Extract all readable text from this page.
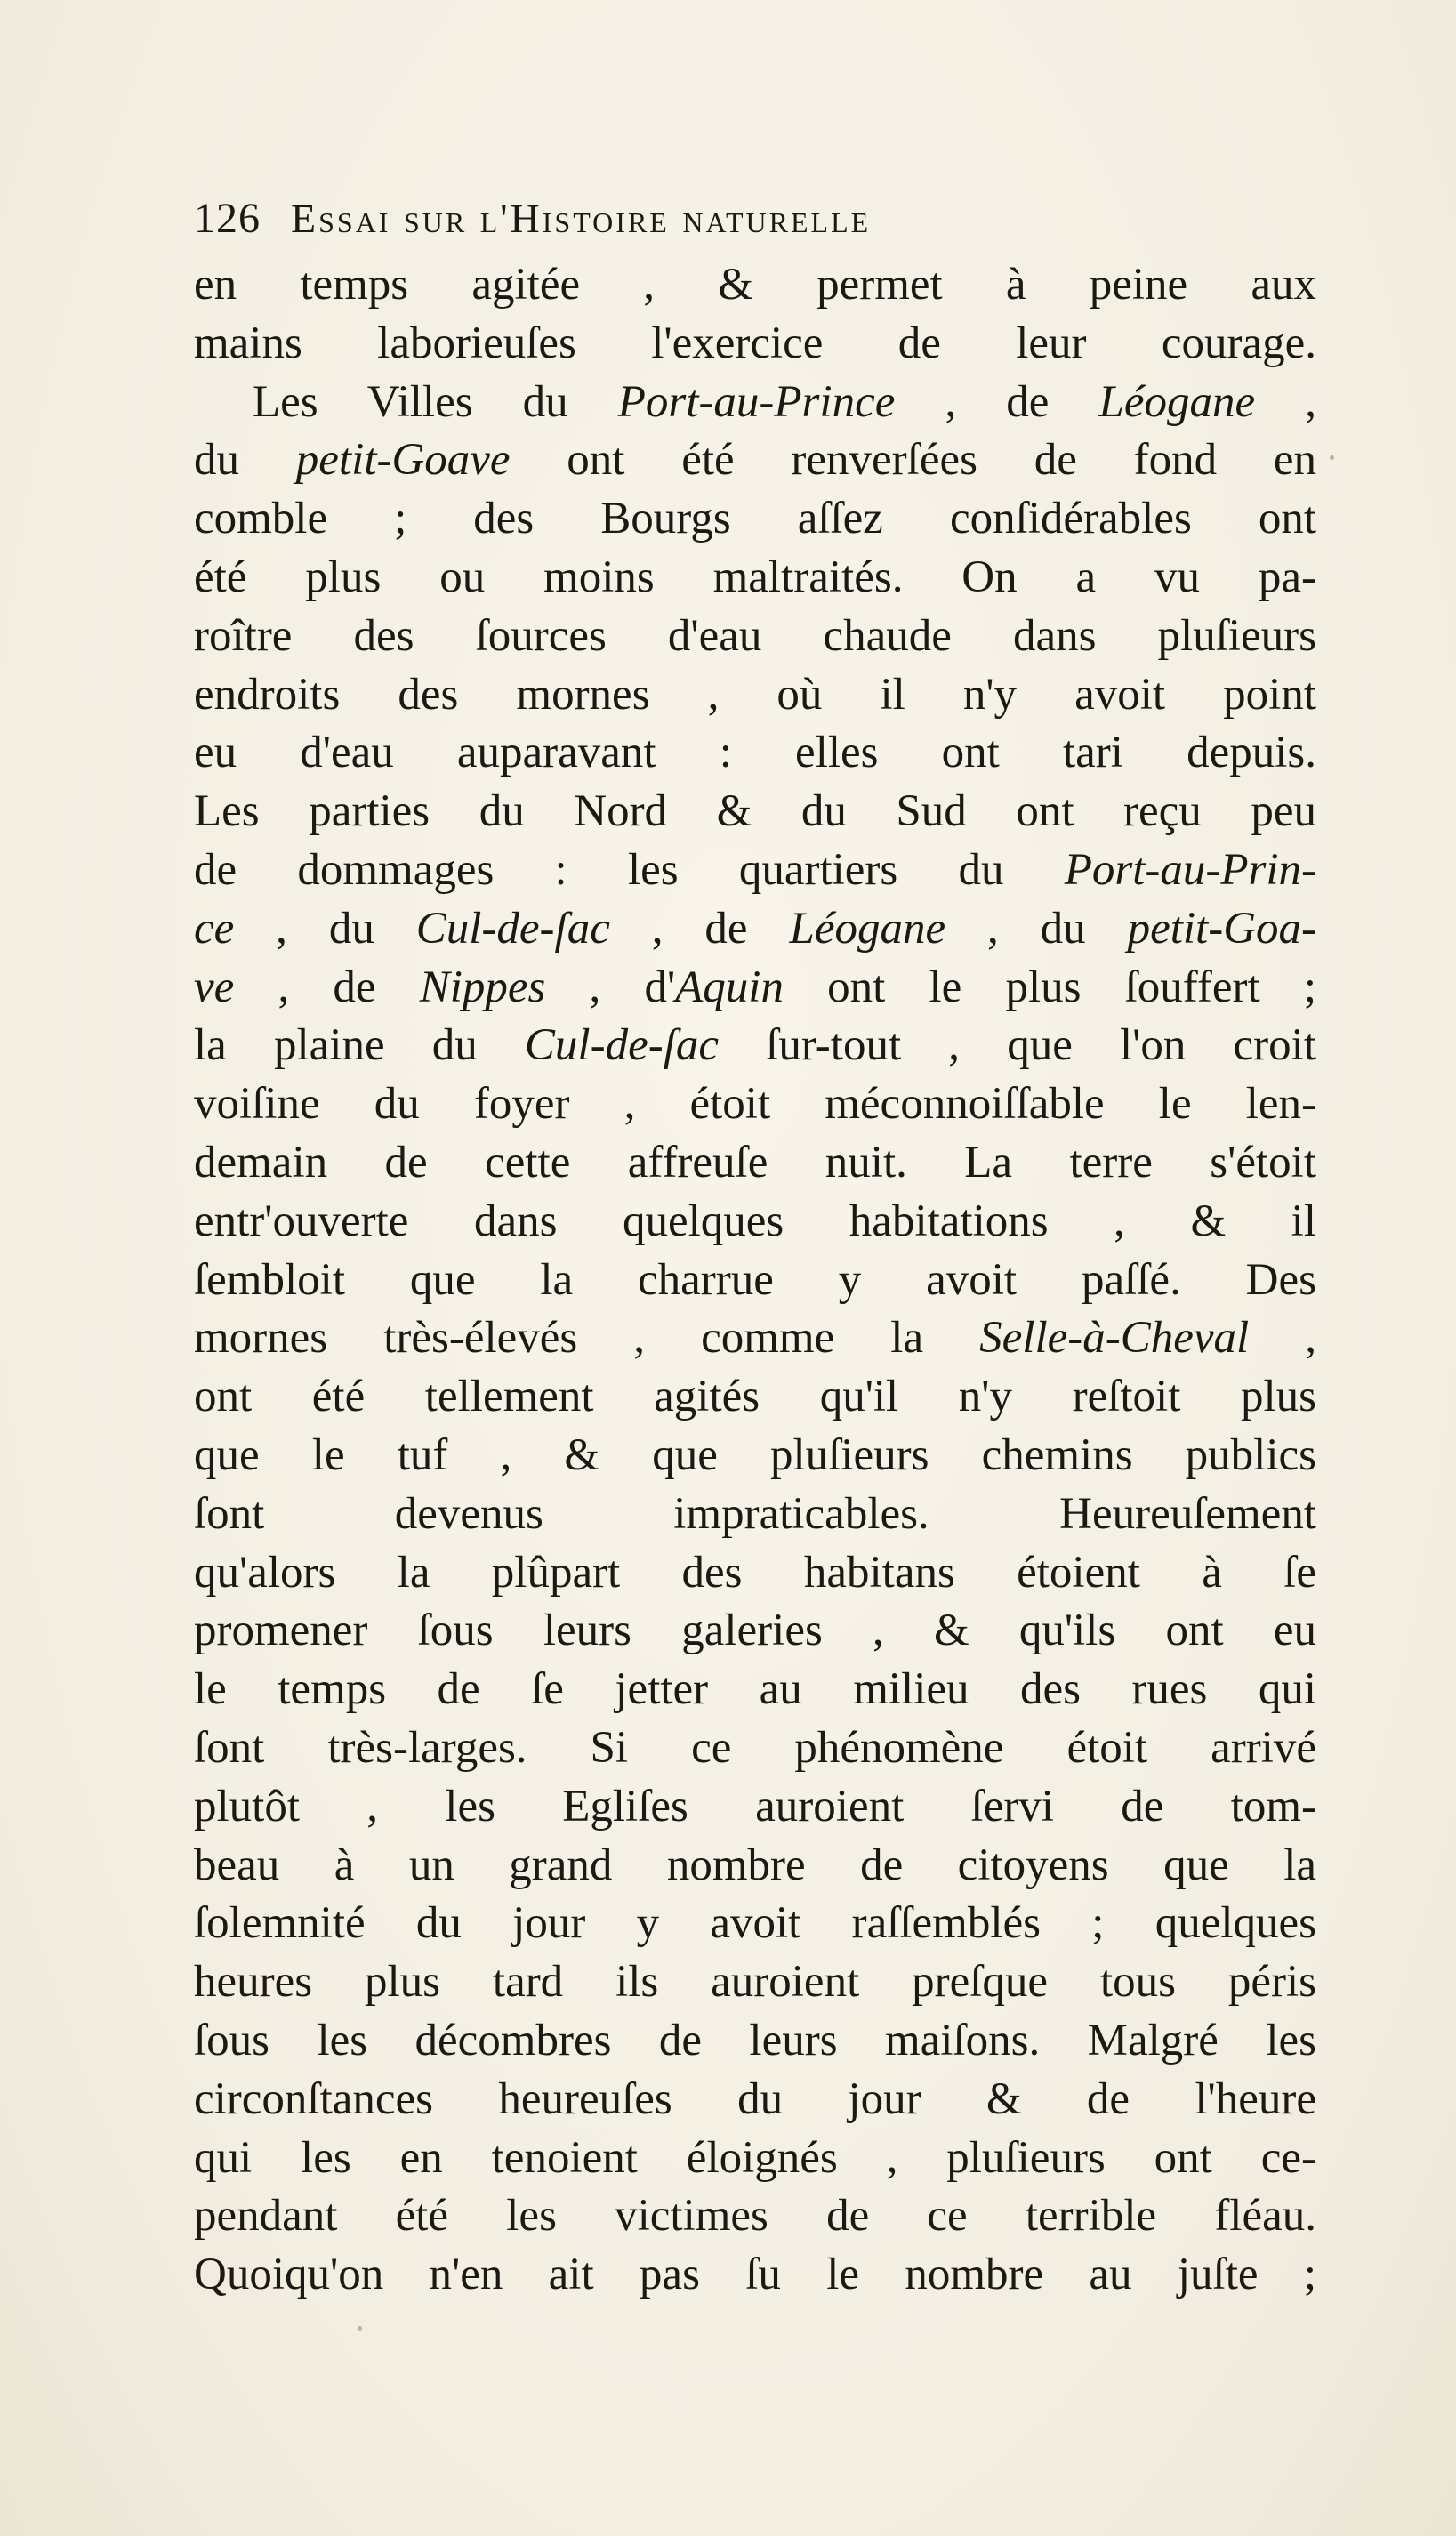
126 Essai sur l'Histoire naturelle
en temps agitée , & permet à peine aux
mains laborieuſes l'exercice de leur courage.
Les Villes du Port-au-Prince , de Léogane ,
du petit-Goave ont été renverſées de fond en
comble ; des Bourgs aſſez conſidérables ont
été plus ou moins maltraités. On a vu pa-
roître des ſources d'eau chaude dans pluſieurs
endroits des mornes , où il n'y avoit point
eu d'eau auparavant : elles ont tari depuis.
Les parties du Nord & du Sud ont reçu peu
de dommages : les quartiers du Port-au-Prin-
ce , du Cul-de-ſac , de Léogane , du petit-Goa-
ve , de Nippes , d'Aquin ont le plus ſouffert ;
la plaine du Cul-de-ſac ſur-tout , que l'on croit
voiſine du foyer , étoit méconnoiſſable le len-
demain de cette affreuſe nuit. La terre s'étoit
entr'ouverte dans quelques habitations , & il
ſembloit que la charrue y avoit paſſé. Des
mornes très-élevés , comme la Selle-à-Cheval ,
ont été tellement agités qu'il n'y reſtoit plus
que le tuf , & que pluſieurs chemins publics
ſont devenus impraticables. Heureuſement
qu'alors la plûpart des habitans étoient à ſe
promener ſous leurs galeries , & qu'ils ont eu
le temps de ſe jetter au milieu des rues qui
ſont très-larges. Si ce phénomène étoit arrivé
plutôt , les Egliſes auroient ſervi de tom-
beau à un grand nombre de citoyens que la
ſolemnité du jour y avoit raſſemblés ; quelques
heures plus tard ils auroient preſque tous péris
ſous les décombres de leurs maiſons. Malgré les
circonſtances heureuſes du jour & de l'heure
qui les en tenoient éloignés , pluſieurs ont ce-
pendant été les victimes de ce terrible fléau.
Quoiqu'on n'en ait pas ſu le nombre au juſte ;
